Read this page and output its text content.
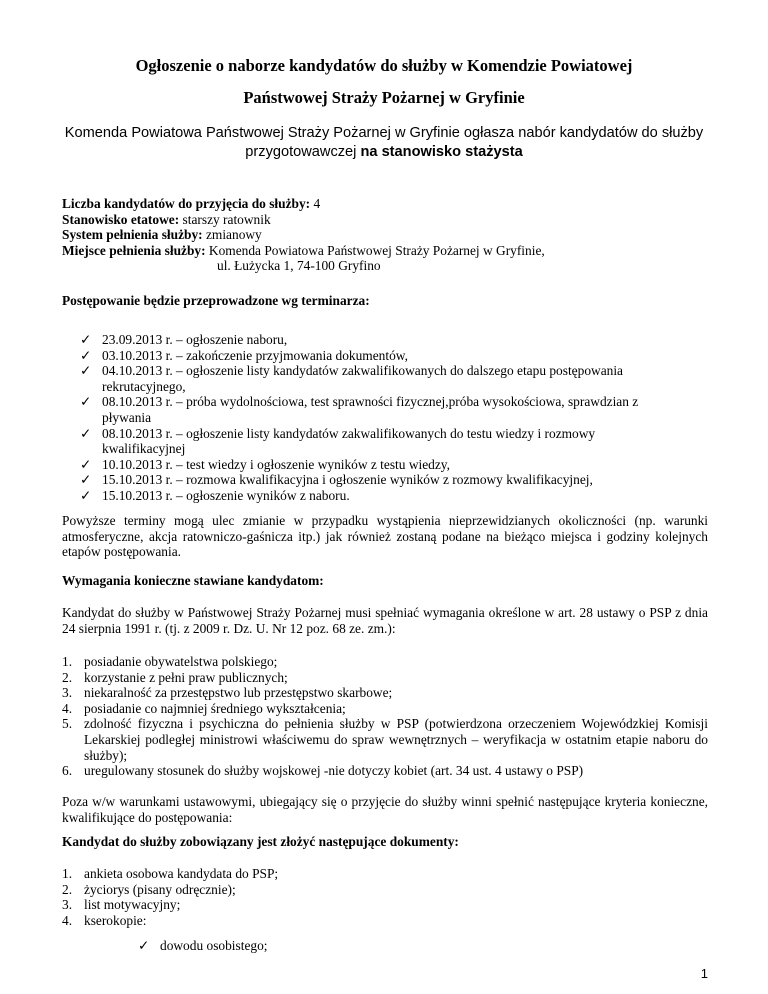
Ogłoszenie o naborze kandydatów do służby w Komendzie Powiatowej
Państwowej Straży Pożarnej w Gryfinie
Komenda Powiatowa Państwowej Straży Pożarnej w Gryfinie ogłasza nabór kandydatów do służby
przygotowawczej na stanowisko stażysta

Liczba kandydatów do przyjęcia do służby: 4

Stanowisko etatowe: starszy ratownik

System pełnienia służby: zmianowy

Miejsce pełnienia służby: Komenda Powiatowa Państwowej Straży Pożarnej w Gryfinie,

ul. Łużycka 1, 74-100 Gryfino

Postępowanie będzie przeprowadzone wg terminarza:

✓ 23.09.2013 r. – ogłoszenie naboru,
✓ 03.10.2013 r. – zakończenie przyjmowania dokumentów,
✓ 04.10.2013 r. – ogłoszenie listy kandydatów zakwalifikowanych do dalszego etapu postępowania
rekrutacyjnego,
✓ 08.10.2013 r. – próba wydolnościowa, test sprawności fizycznej,próba wysokościowa, sprawdzian z
pływania
✓ 08.10.2013 r. – ogłoszenie listy kandydatów zakwalifikowanych do testu wiedzy i rozmowy
kwalifikacyjnej
✓ 10.10.2013 r. – test wiedzy i ogłoszenie wyników z testu wiedzy,
✓ 15.10.2013 r. – rozmowa kwalifikacyjna i ogłoszenie wyników z rozmowy kwalifikacyjnej,
✓ 15.10.2013 r. – ogłoszenie wyników z naboru.

Powyższe terminy mogą ulec zmianie w przypadku wystąpienia nieprzewidzianych okoliczności (np. warunki atmosferyczne, akcja ratowniczo-gaśnicza itp.) jak również zostaną podane na bieżąco miejsca i godziny kolejnych etapów postępowania.

Wymagania konieczne stawiane kandydatom:

Kandydat do służby w Państwowej Straży Pożarnej musi spełniać wymagania określone w art. 28 ustawy o PSP z dnia 24 sierpnia 1991 r. (tj. z 2009 r. Dz. U. Nr 12 poz. 68 ze. zm.):

1. posiadanie obywatelstwa polskiego;
2. korzystanie z pełni praw publicznych;
3. niekaralność za przestępstwo lub przestępstwo skarbowe;
4. posiadanie co najmniej średniego wykształcenia;
5. zdolność fizyczna i psychiczna do pełnienia służby w PSP (potwierdzona orzeczeniem Wojewódzkiej Komisji Lekarskiej podległej ministrowi właściwemu do spraw wewnętrznych – weryfikacja w ostatnim etapie naboru do służby);
6. uregulowany stosunek do służby wojskowej -nie dotyczy kobiet (art. 34 ust. 4 ustawy o PSP)

Poza w/w warunkami ustawowymi, ubiegający się o przyjęcie do służby winni spełnić następujące kryteria konieczne, kwalifikujące do postępowania:

Kandydat do służby zobowiązany jest złożyć następujące dokumenty:

1. ankieta osobowa kandydata do PSP;
2. życiorys (pisany odręcznie);
3. list motywacyjny;
4. kserokopie:
✓ dowodu osobistego;
1
